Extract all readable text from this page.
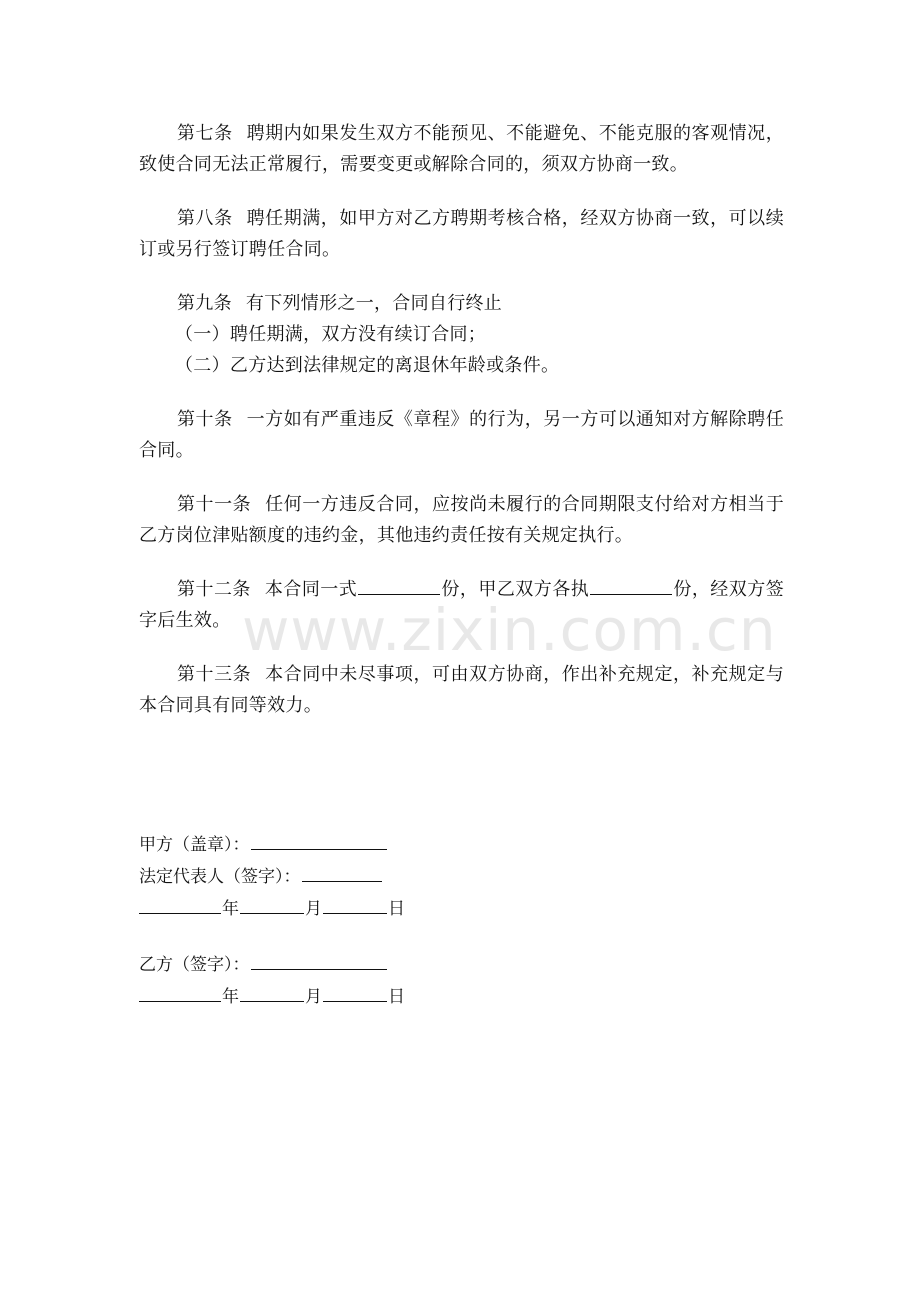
第七条 聘期内如果发生双方不能预见、不能避免、不能克服的客观情况，致使合同无法正常履行，需要变更或解除合同的，须双方协商一致。

第八条 聘任期满，如甲方对乙方聘期考核合格，经双方协商一致，可以续订或另行签订聘任合同。

第九条 有下列情形之一，合同自行终止

（一）聘任期满，双方没有续订合同；

（二）乙方达到法律规定的离退休年龄或条件。

第十条 一方如有严重违反《章程》的行为，另一方可以通知对方解除聘任合同。

第十一条 任何一方违反合同，应按尚未履行的合同期限支付给对方相当于乙方岗位津贴额度的违约金，其他违约责任按有关规定执行。

第十二条 本合同一式	份，甲乙双方各执	份，经双方签字后生效。

第十三条 本合同中未尽事项，可由双方协商，作出补充规定，补充规定与本合同具有同等效力。

甲方（盖章）：

法定代表人（签字）：

年	月	日

乙方（签字）：

年	月	日

www.zixin.com.cn
